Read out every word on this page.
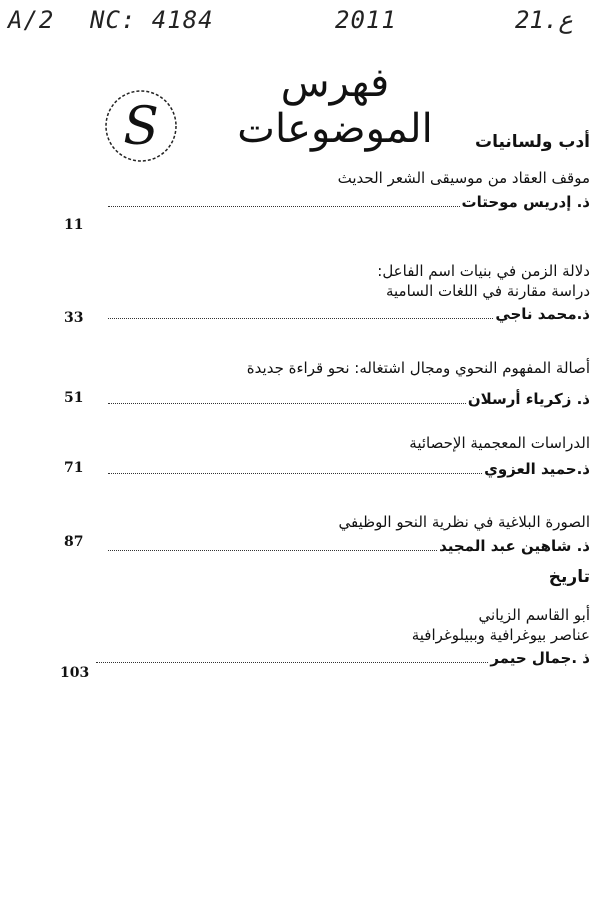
A/2 NC: 4184	2011	21.ع
فهرس الموضوعات
S	أدب ولسانيات
موقف العقاد من موسيقى الشعر الحديث
ذ. إدريس موحتات
11
دلالة الزمن في بنيات اسم الفاعل:
دراسة مقارنة في اللغات السامية
ذ.محمد ناجي
33
أصالة المفهوم النحوي ومجال اشتغاله: نحو قراءة جديدة
ذ. زكرياء أرسلان
51
الدراسات المعجمية الإحصائية
ذ.حميد العزوي
71
الصورة البلاغية في نظرية النحو الوظيفي
ذ. شاهين عبد المجيد
87
تاريخ
أبو القاسم الزياني
عناصر بيوغرافية وببيلوغرافية
ذ .جمال حيمر
103
